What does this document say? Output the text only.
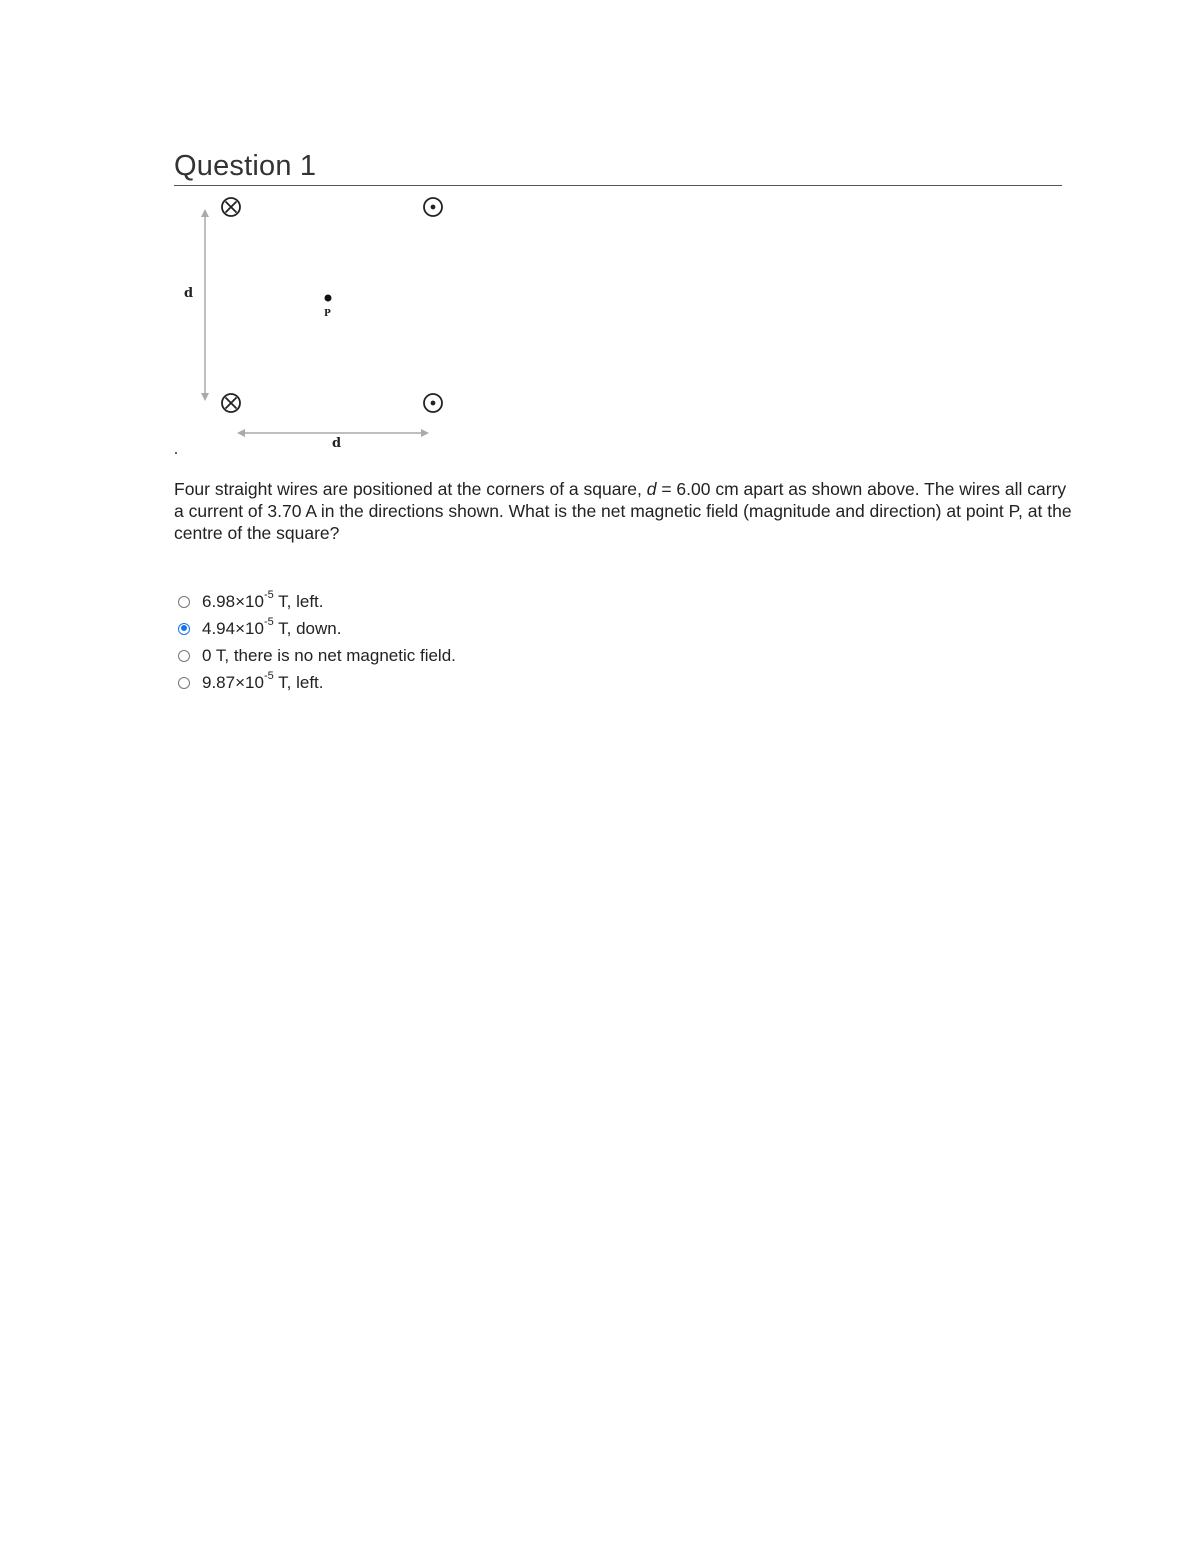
Question 1
d
d
P

Four straight wires are positioned at the corners of a square, d = 6.00 cm apart as shown above. The wires all carry a current of 3.70 A in the directions shown. What is the net magnetic field (magnitude and direction) at point P, at the centre of the square?

$6.98\times 10^{-5}$ T, left.
$4.94\times 10^{-5}$ T, down.
0 T, there is no net magnetic field.
$9.87\times 10^{-5}$ T, left.
